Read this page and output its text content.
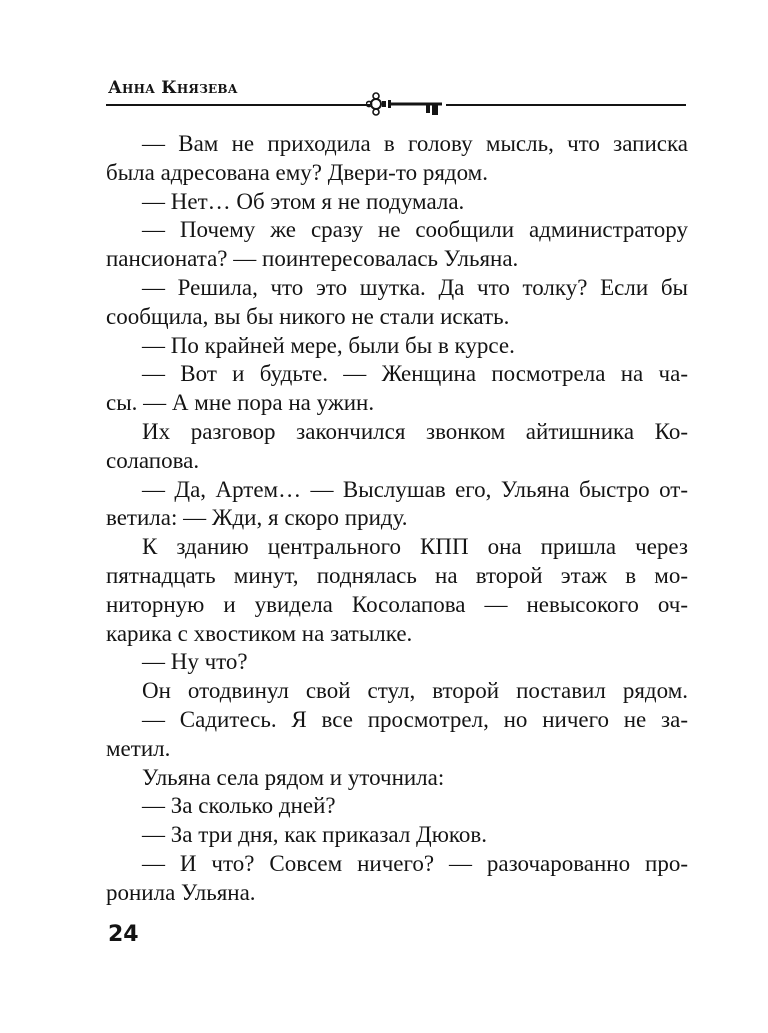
Анна Князева
— Вам не приходила в голову мысль, что записка
была адресована ему? Двери-то рядом.
— Нет… Об этом я не подумала.
— Почему же сразу не сообщили администратору
пансионата? — поинтересовалась Ульяна.
— Решила, что это шутка. Да что толку? Если бы
сообщила, вы бы никого не стали искать.
— По крайней мере, были бы в курсе.
— Вот и будьте. — Женщина посмотрела на ча-
сы. — А мне пора на ужин.
Их разговор закончился звонком айтишника Ко-
солапова.
— Да, Артем… — Выслушав его, Ульяна быстро от-
ветила: — Жди, я скоро приду.
К зданию центрального КПП она пришла через
пятнадцать минут, поднялась на второй этаж в мо-
ниторную и увидела Косолапова — невысокого оч-
карика с хвостиком на затылке.
— Ну что?
Он отодвинул свой стул, второй поставил рядом.
— Садитесь. Я все просмотрел, но ничего не за-
метил.
Ульяна села рядом и уточнила:
— За сколько дней?
— За три дня, как приказал Дюков.
— И что? Совсем ничего? — разочарованно про-
ронила Ульяна.
24
